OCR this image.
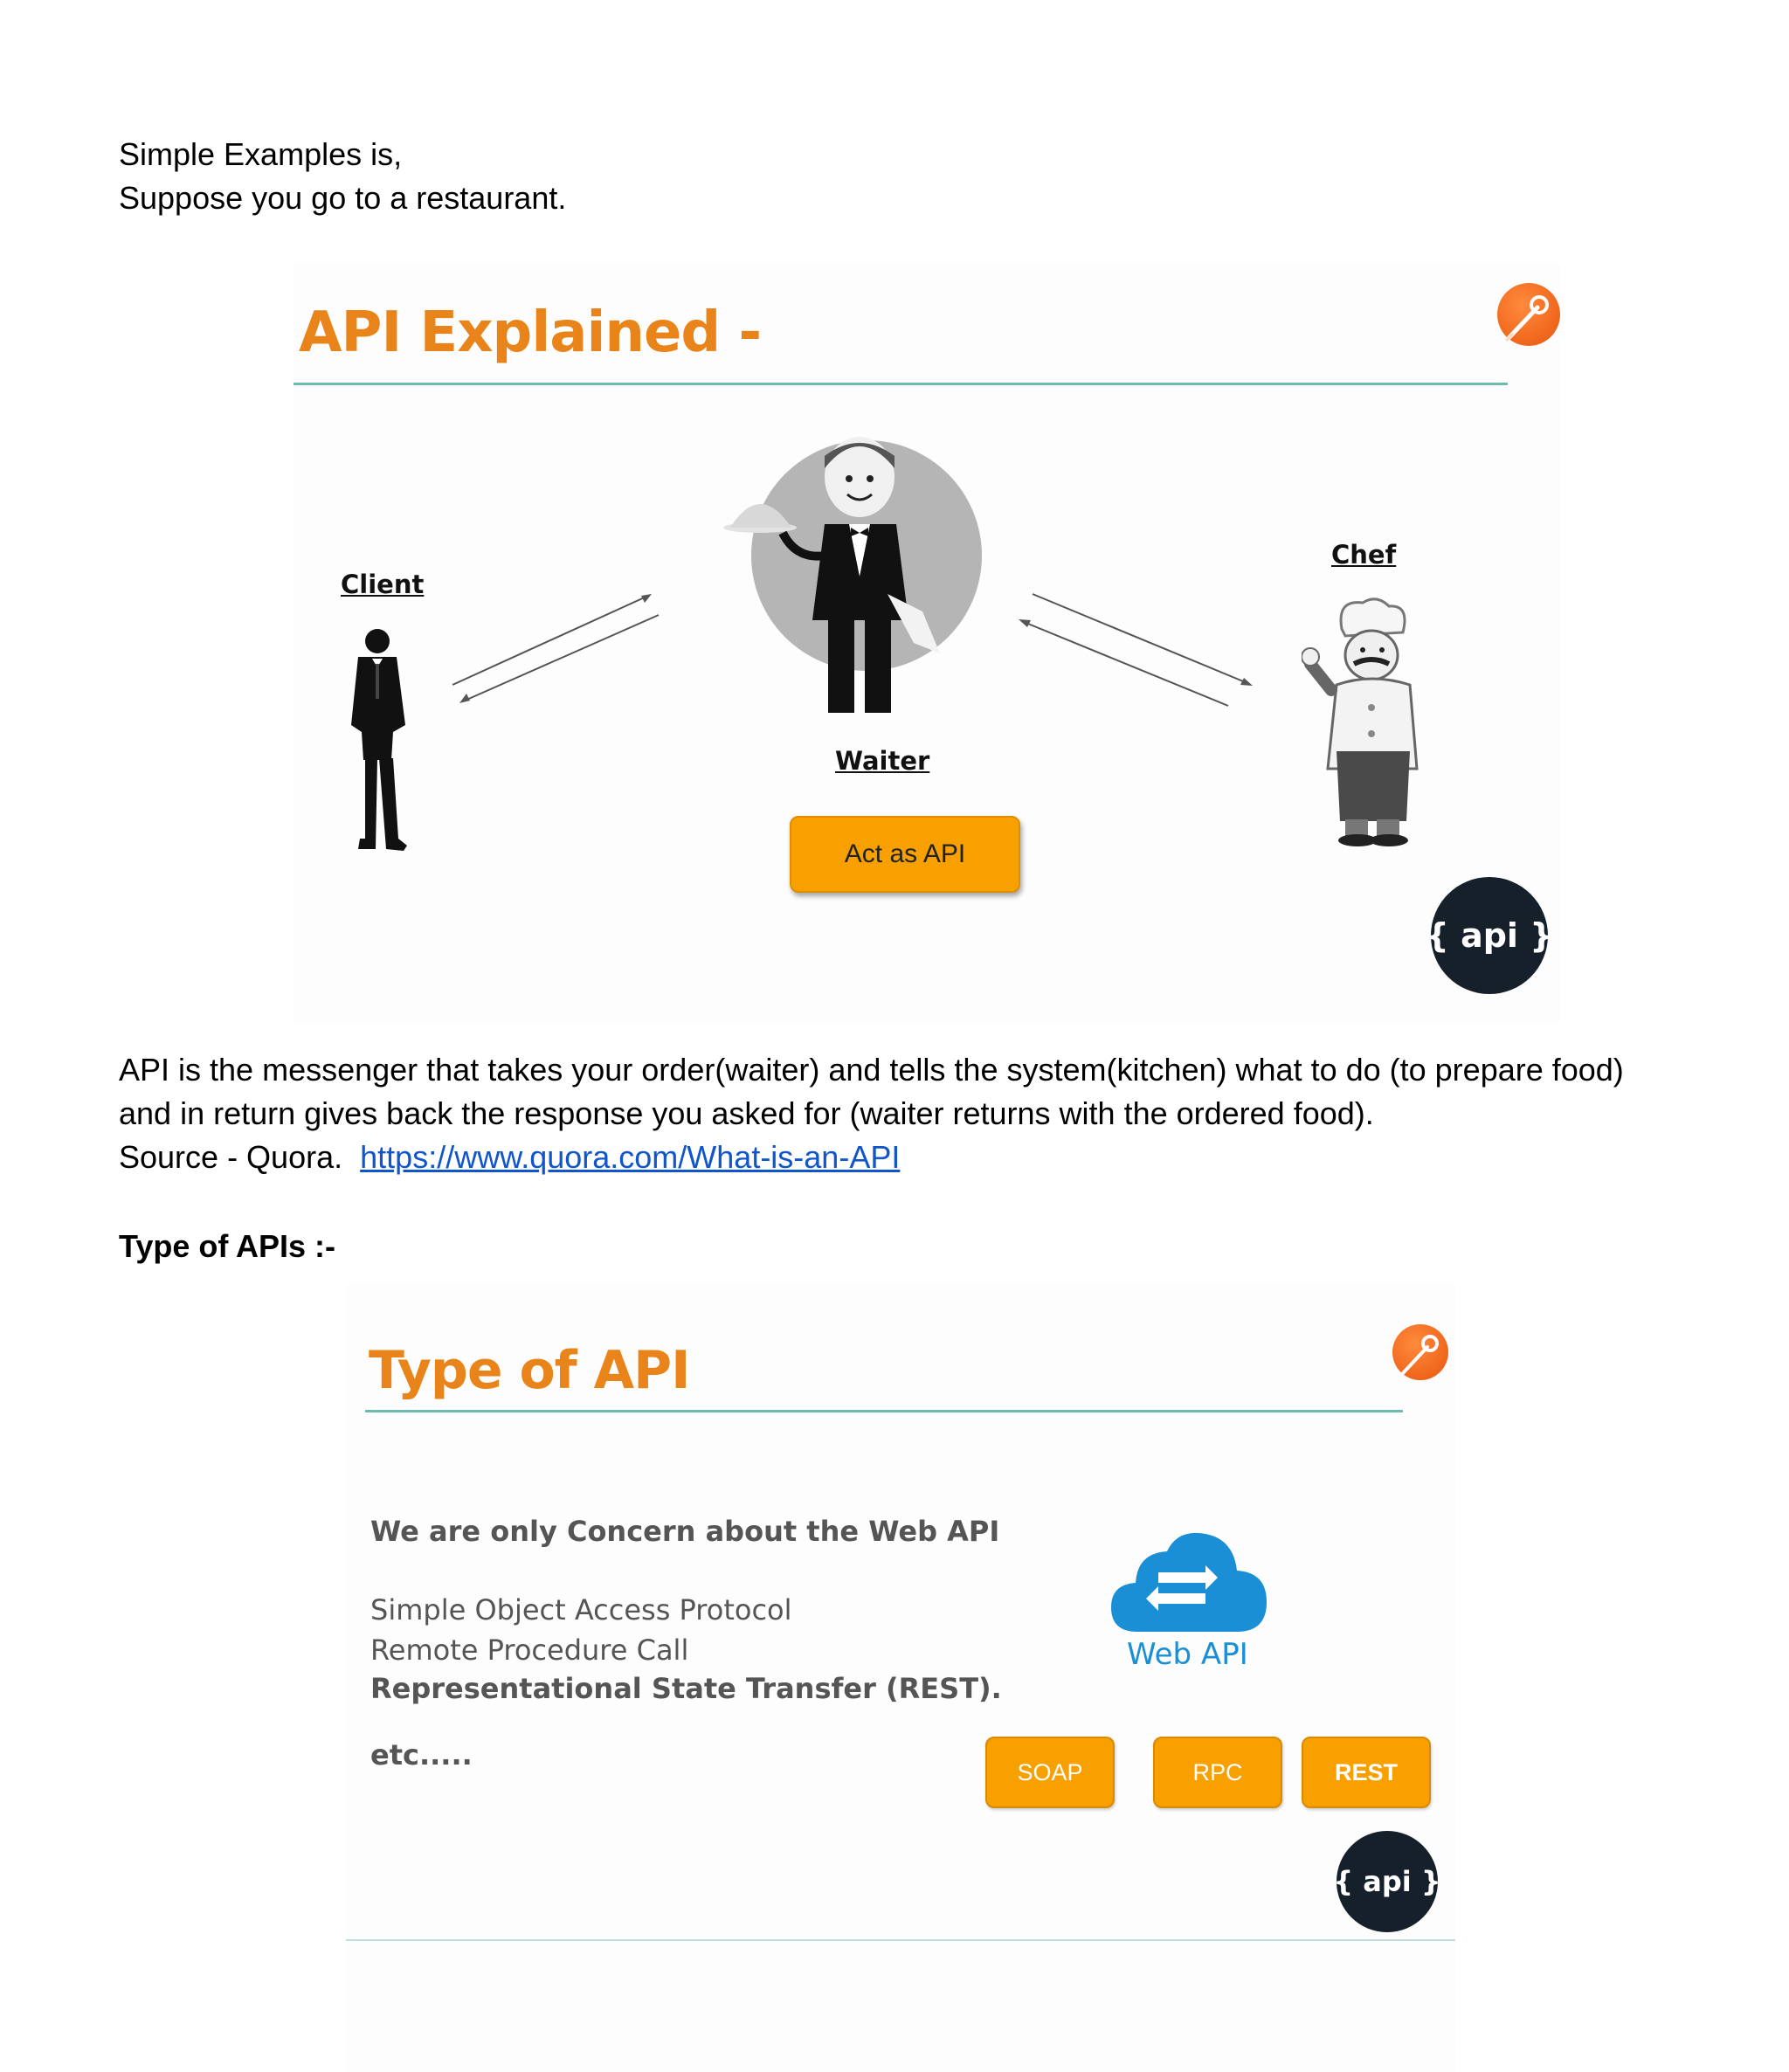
Simple Examples is,
Suppose you go to a restaurant.
API Explained -
Client
Waiter
Act as API
Chef
{ api }
API is the messenger that takes your order(waiter) and tells the system(kitchen) what to do (to prepare food)
and in return gives back the response you asked for (waiter returns with the ordered food).
Source - Quora. https://www.quora.com/What-is-an-API
Type of APIs :-
Type of API
We are only Concern about the Web API
Simple Object Access Protocol
Remote Procedure Call
Representational State Transfer (REST).
etc.....
Web API
SOAP	RPC	REST
{ api }
